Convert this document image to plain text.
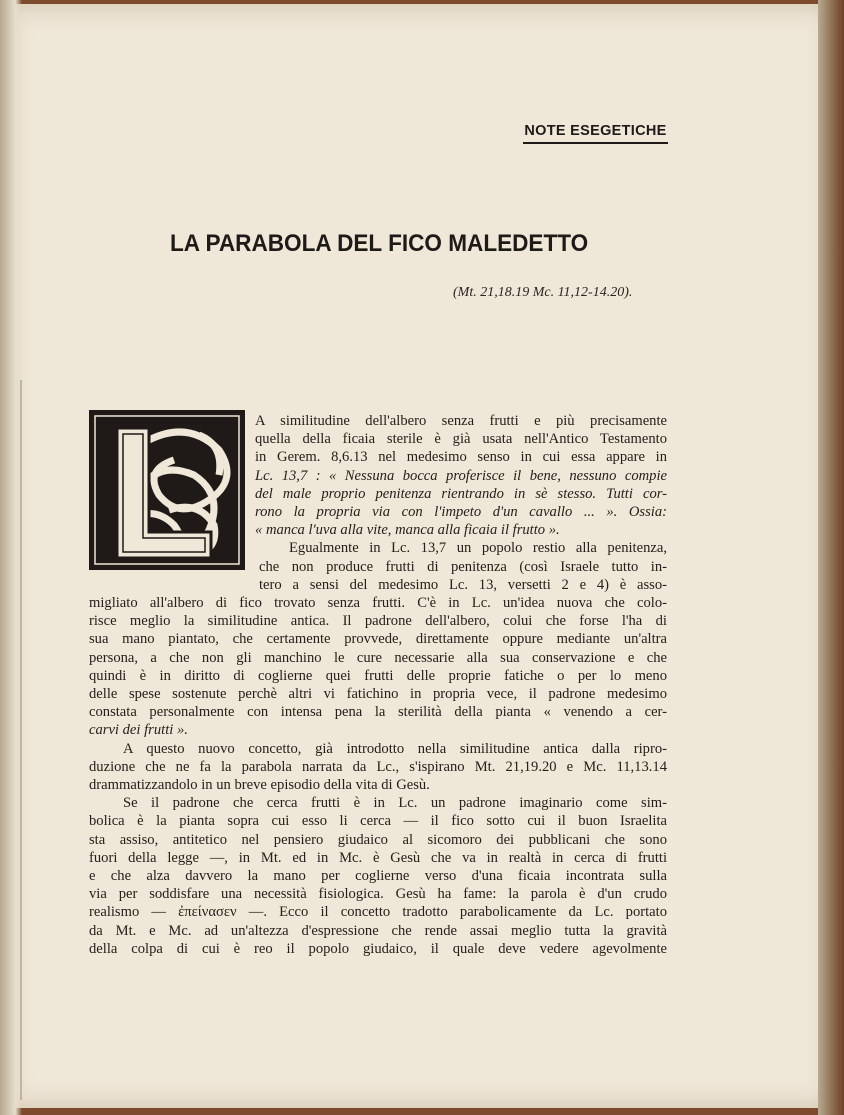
NOTE ESEGETICHE
LA PARABOLA DEL FICO MALEDETTO
(Mt. 21,18.19 Mc. 11,12-14.20).
A similitudine dell'albero senza frutti e più precisamente
quella della ficaia sterile è già usata nell'Antico Testamento
in Gerem. 8,6.13 nel medesimo senso in cui essa appare in
Lc. 13,7 : « Nessuna bocca proferisce il bene, nessuno compie
del male proprio penitenza rientrando in sè stesso. Tutti cor-
rono la propria via con l'impeto d'un cavallo ... ». Ossia:
« manca l'uva alla vite, manca alla ficaia il frutto ».
Egualmente in Lc. 13,7 un popolo restio alla penitenza,
che non produce frutti di penitenza (così Israele tutto in-
tero a sensi del medesimo Lc. 13, versetti 2 e 4) è asso-
migliato all'albero di fico trovato senza frutti. C'è in Lc. un'idea nuova che colo-
risce meglio la similitudine antica. Il padrone dell'albero, colui che forse l'ha di
sua mano piantato, che certamente provvede, direttamente oppure mediante un'altra
persona, a che non gli manchino le cure necessarie alla sua conservazione e che
quindi è in diritto di coglierne quei frutti delle proprie fatiche o per lo meno
delle spese sostenute perchè altri vi fatichino in propria vece, il padrone medesimo
constata personalmente con intensa pena la sterilità della pianta « venendo a cer-
carvi dei frutti ».
A questo nuovo concetto, già introdotto nella similitudine antica dalla ripro-
duzione che ne fa la parabola narrata da Lc., s'ispirano Mt. 21,19.20 e Mc. 11,13.14
drammatizzandolo in un breve episodio della vita di Gesù.
Se il padrone che cerca frutti è in Lc. un padrone imaginario come sim-
bolica è la pianta sopra cui esso li cerca — il fico sotto cui il buon Israelita
sta assiso, antitetico nel pensiero giudaico al sicomoro dei pubblicani che sono
fuori della legge —, in Mt. ed in Mc. è Gesù che va in realtà in cerca di frutti
e che alza davvero la mano per coglierne verso d'una ficaia incontrata sulla
via per soddisfare una necessità fisiologica. Gesù ha fame: la parola è d'un crudo
realismo — ἐπείνασεν —. Ecco il concetto tradotto parabolicamente da Lc. portato
da Mt. e Mc. ad un'altezza d'espressione che rende assai meglio tutta la gravità
della colpa di cui è reo il popolo giudaico, il quale deve vedere agevolmente
